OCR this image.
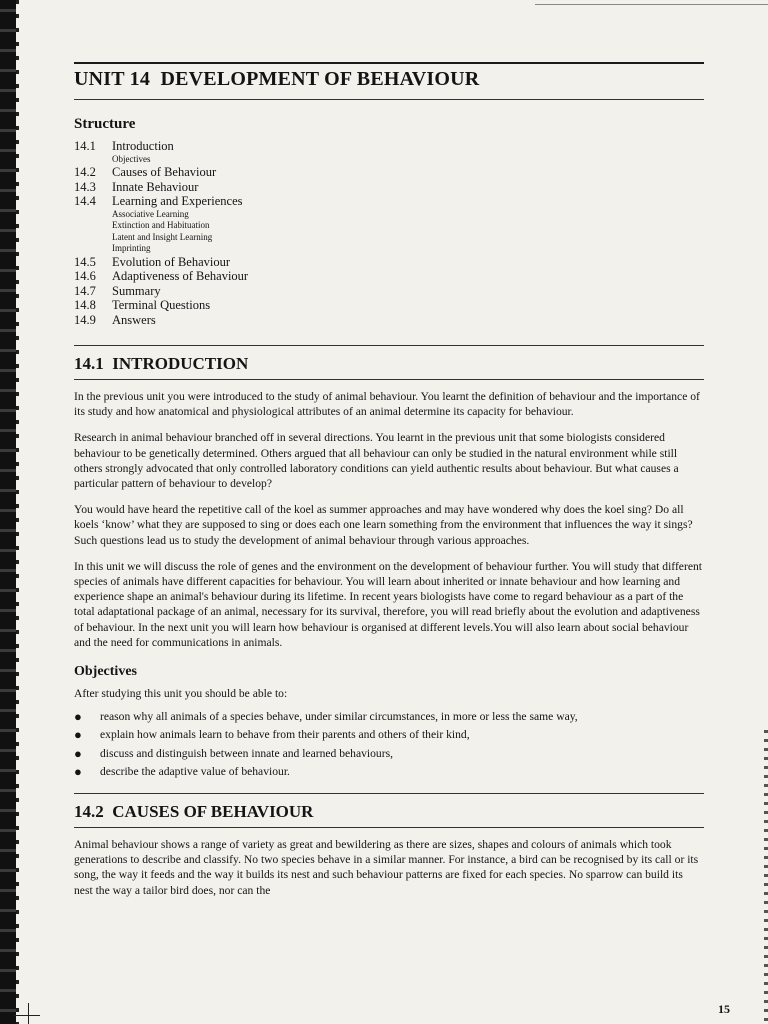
UNIT 14  DEVELOPMENT OF BEHAVIOUR
Structure
14.1	Introduction
Objectives
14.2	Causes of Behaviour
14.3	Innate Behaviour
14.4	Learning and Experiences
Associative Learning
Extinction and Habituation
Latent and Insight Learning
Imprinting
14.5	Evolution of Behaviour
14.6	Adaptiveness of Behaviour
14.7	Summary
14.8	Terminal Questions
14.9	Answers
14.1  INTRODUCTION

In the previous unit you were introduced to the study of animal behaviour. You learnt the definition of behaviour and the importance of its study and how anatomical and physiological attributes of an animal determine its capacity for behaviour.

Research in animal behaviour branched off in several directions. You learnt in the previous unit that some biologists considered behaviour to be genetically determined. Others argued that all behaviour can only be studied in the natural environment while still others strongly advocated that only controlled laboratory conditions can yield authentic results about behaviour. But what causes a particular pattern of behaviour to develop?

You would have heard the repetitive call of the koel as summer approaches and may have wondered why does the koel sing? Do all koels ‘know’ what they are supposed to sing or does each one learn something from the environment that influences the way it sings? Such questions lead us to study the development of animal behaviour through various approaches.

In this unit we will discuss the role of genes and the environment on the development of behaviour further. You will study that different species of animals have different capacities for behaviour. You will learn about inherited or innate behaviour and how learning and experience shape an animal's behaviour during its lifetime. In recent years biologists have come to regard behaviour as a part of the total adaptational package of an animal, necessary for its survival, therefore, you will read briefly about the evolution and adaptiveness of behaviour. In the next unit you will learn how behaviour is organised at different levels.You will also learn about social behaviour and the need for communications in animals.

Objectives

After studying this unit you should be able to:

●	reason why all animals of a species behave, under similar circumstances, in more or less the same way,
●	explain how animals learn to behave from their parents and others of their kind,
●	discuss and distinguish between innate and learned behaviours,
●	describe the adaptive value of behaviour.
14.2  CAUSES OF BEHAVIOUR

Animal behaviour shows a range of variety as great and bewildering as there are sizes, shapes and colours of animals which took generations to describe and classify. No two species behave in a similar manner. For instance, a bird can be recognised by its call or its song, the way it feeds and the way it builds its nest and such behaviour patterns are fixed for each species. No sparrow can build its nest the way a tailor bird does, nor can the

15
